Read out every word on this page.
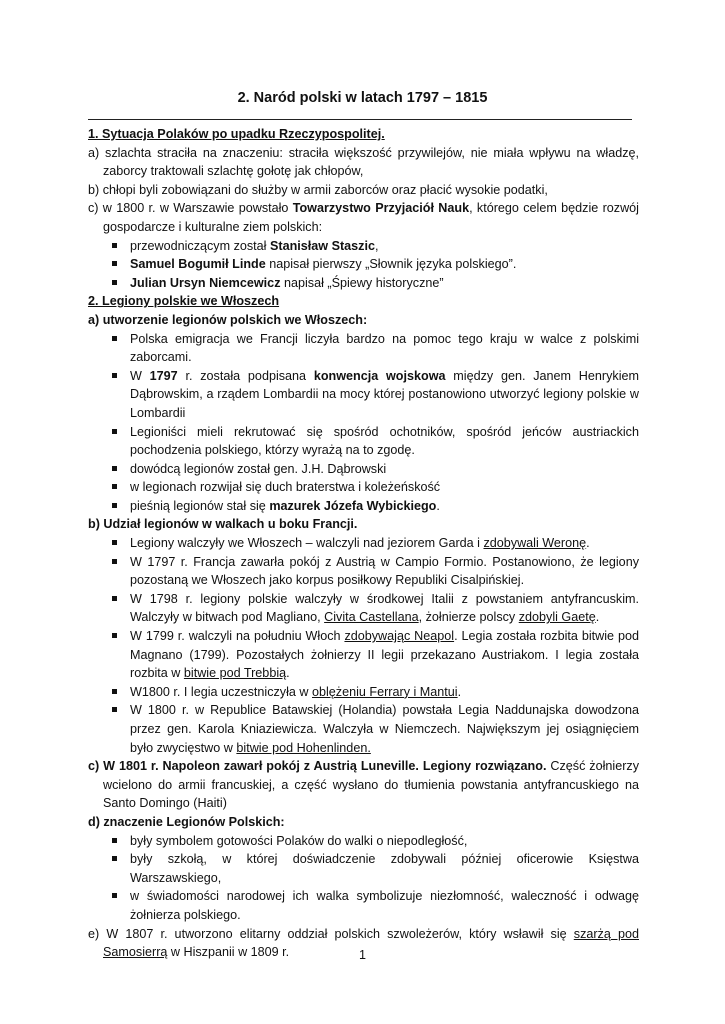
2. Naród polski w latach 1797 – 1815
1. Sytuacja Polaków po upadku Rzeczypospolitej.
a) szlachta straciła na znaczeniu: straciła większość przywilejów, nie miała wpływu na władzę, zaborcy traktowali szlachtę gołotę jak chłopów,
b) chłopi byli zobowiązani do służby w armii zaborców oraz płacić wysokie podatki,
c) w 1800 r. w Warszawie powstało Towarzystwo Przyjaciół Nauk, którego celem będzie rozwój gospodarcze i kulturalne ziem polskich:
przewodniczącym został Stanisław Staszic,
Samuel Bogumił Linde napisał pierwszy „Słownik języka polskiego”.
Julian Ursyn Niemcewicz napisał „Śpiewy historyczne”
2. Legiony polskie we Włoszech
a) utworzenie legionów polskich we Włoszech:
Polska emigracja we Francji liczyła bardzo na pomoc tego kraju w walce z polskimi zaborcami.
W 1797 r. została podpisana konwencja wojskowa między gen. Janem Henrykiem Dąbrowskim, a rządem Lombardii na mocy której postanowiono utworzyć legiony polskie w Lombardii
Legioniści mieli rekrutować się spośród ochotników, spośród jeńców austriackich pochodzenia polskiego, którzy wyrażą na to zgodę.
dowódcą legionów został gen. J.H. Dąbrowski
w legionach rozwijał się duch braterstwa i koleżeńskość
pieśnią legionów stał się mazurek Józefa Wybickiego.
b) Udział legionów w walkach u boku Francji.
Legiony walczyły we Włoszech – walczyli nad jeziorem Garda i zdobywali Weronę.
W 1797 r. Francja zawarła pokój z Austrią w Campio Formio. Postanowiono, że legiony pozostaną we Włoszech jako korpus posiłkowy Republiki Cisalpińskiej.
W 1798 r. legiony polskie walczyły w środkowej Italii z powstaniem antyfrancuskim. Walczyły w bitwach pod Magliano, Civita Castellana, żołnierze polscy zdobyli Gaetę.
W 1799 r. walczyli na południu Włoch zdobywając Neapol. Legia została rozbita bitwie pod Magnano (1799). Pozostałych żołnierzy II legii przekazano Austriakom. I legia została rozbita w bitwie pod Trebbią.
W1800 r. I legia uczestniczyła w oblężeniu Ferrary i Mantui.
W 1800 r. w Republice Batawskiej (Holandia) powstała Legia Naddunajska dowodzona przez gen. Karola Kniaziewicza. Walczyła w Niemczech. Największym jej osiągnięciem było zwycięstwo w bitwie pod Hohenlinden.
c) W 1801 r. Napoleon zawarł pokój z Austrią Luneville. Legiony rozwiązano. Część żołnierzy wcielono do armii francuskiej, a część wysłano do tłumienia powstania antyfrancuskiego na Santo Domingo (Haiti)
d) znaczenie Legionów Polskich:
były symbolem gotowości Polaków do walki o niepodległość,
były szkołą, w której doświadczenie zdobywali później oficerowie Księstwa Warszawskiego,
w świadomości narodowej ich walka symbolizuje niezłomność, waleczność i odwagę żołnierza polskiego.
e) W 1807 r. utworzono elitarny oddział polskich szwoleżerów, który wsławił się szarżą pod Samosierrą w Hiszpanii w 1809 r.	1
